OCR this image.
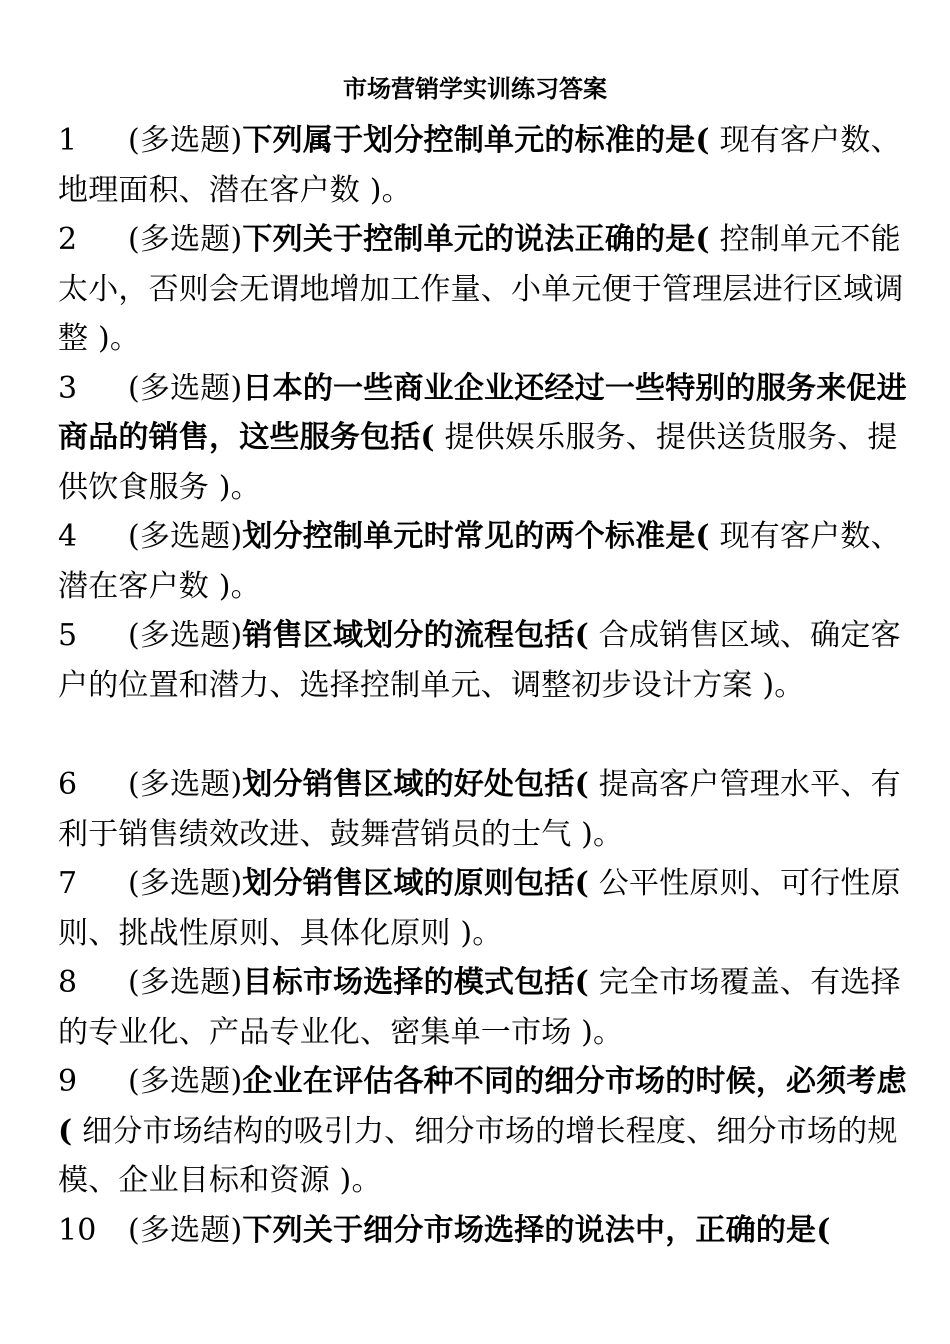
市场营销学实训练习答案
1 (多选题)下列属于划分控制单元的标准的是( 现有客户数、地理面积、潜在客户数 )。
2 (多选题)下列关于控制单元的说法正确的是( 控制单元不能太小，否则会无谓地增加工作量、小单元便于管理层进行区域调整 )。
3 (多选题)日本的一些商业企业还经过一些特别的服务来促进商品的销售，这些服务包括( 提供娱乐服务、提供送货服务、提供饮食服务 )。
4 (多选题)划分控制单元时常见的两个标准是( 现有客户数、潜在客户数 )。
5 (多选题)销售区域划分的流程包括( 合成销售区域、确定客户的位置和潜力、选择控制单元、调整初步设计方案 )。
6 (多选题)划分销售区域的好处包括( 提高客户管理水平、有利于销售绩效改进、鼓舞营销员的士气 )。
7 (多选题)划分销售区域的原则包括( 公平性原则、可行性原则、挑战性原则、具体化原则 )。
8 (多选题)目标市场选择的模式包括( 完全市场覆盖、有选择的专业化、产品专业化、密集单一市场 )。
9 (多选题)企业在评估各种不同的细分市场的时候，必须考虑( 细分市场结构的吸引力、细分市场的增长程度、细分市场的规模、企业目标和资源 )。
10 (多选题)下列关于细分市场选择的说法中，正确的是(
